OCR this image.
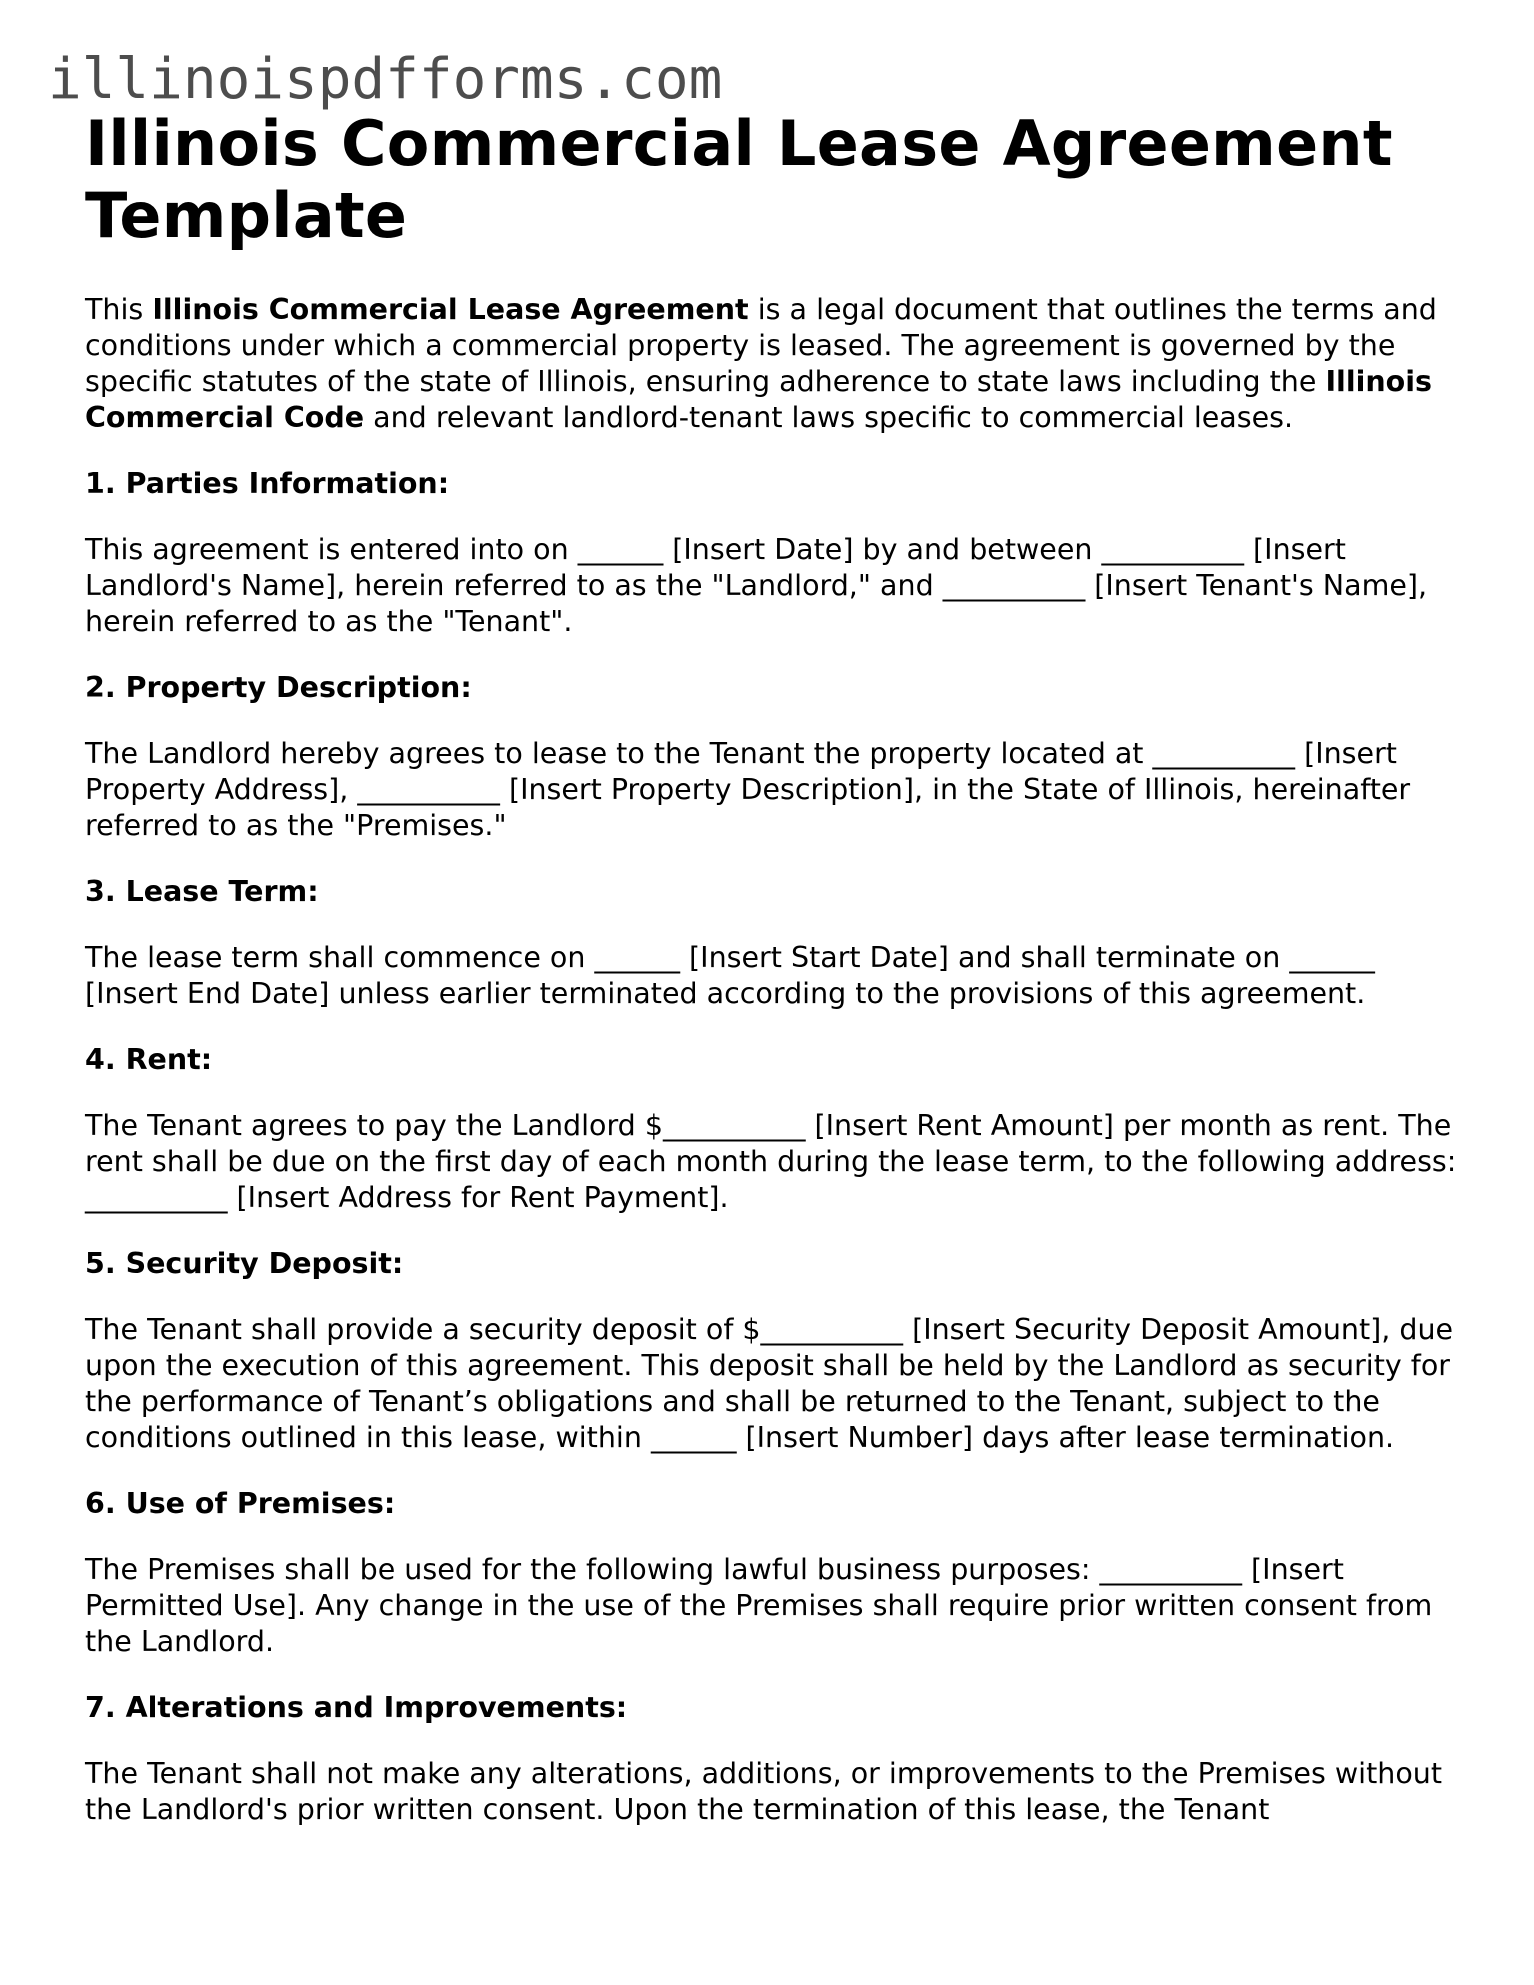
illinoispdfforms.com
Illinois Commercial Lease Agreement Template

This Illinois Commercial Lease Agreement is a legal document that outlines the terms and conditions under which a commercial property is leased. The agreement is governed by the specific statutes of the state of Illinois, ensuring adherence to state laws including the Illinois Commercial Code and relevant landlord-tenant laws specific to commercial leases.

1. Parties Information:

This agreement is entered into on ______ [Insert Date] by and between __________ [Insert Landlord's Name], herein referred to as the "Landlord," and __________ [Insert Tenant's Name], herein referred to as the "Tenant".

2. Property Description:

The Landlord hereby agrees to lease to the Tenant the property located at __________ [Insert Property Address], __________ [Insert Property Description], in the State of Illinois, hereinafter referred to as the "Premises."

3. Lease Term:

The lease term shall commence on ______ [Insert Start Date] and shall terminate on ______ [Insert End Date] unless earlier terminated according to the provisions of this agreement.

4. Rent:

The Tenant agrees to pay the Landlord $__________ [Insert Rent Amount] per month as rent. The rent shall be due on the first day of each month during the lease term, to the following address: __________ [Insert Address for Rent Payment].

5. Security Deposit:

The Tenant shall provide a security deposit of $__________ [Insert Security Deposit Amount], due upon the execution of this agreement. This deposit shall be held by the Landlord as security for the performance of Tenant’s obligations and shall be returned to the Tenant, subject to the conditions outlined in this lease, within ______ [Insert Number] days after lease termination.

6. Use of Premises:

The Premises shall be used for the following lawful business purposes: __________ [Insert Permitted Use]. Any change in the use of the Premises shall require prior written consent from the Landlord.

7. Alterations and Improvements:

The Tenant shall not make any alterations, additions, or improvements to the Premises without the Landlord's prior written consent. Upon the termination of this lease, the Tenant
